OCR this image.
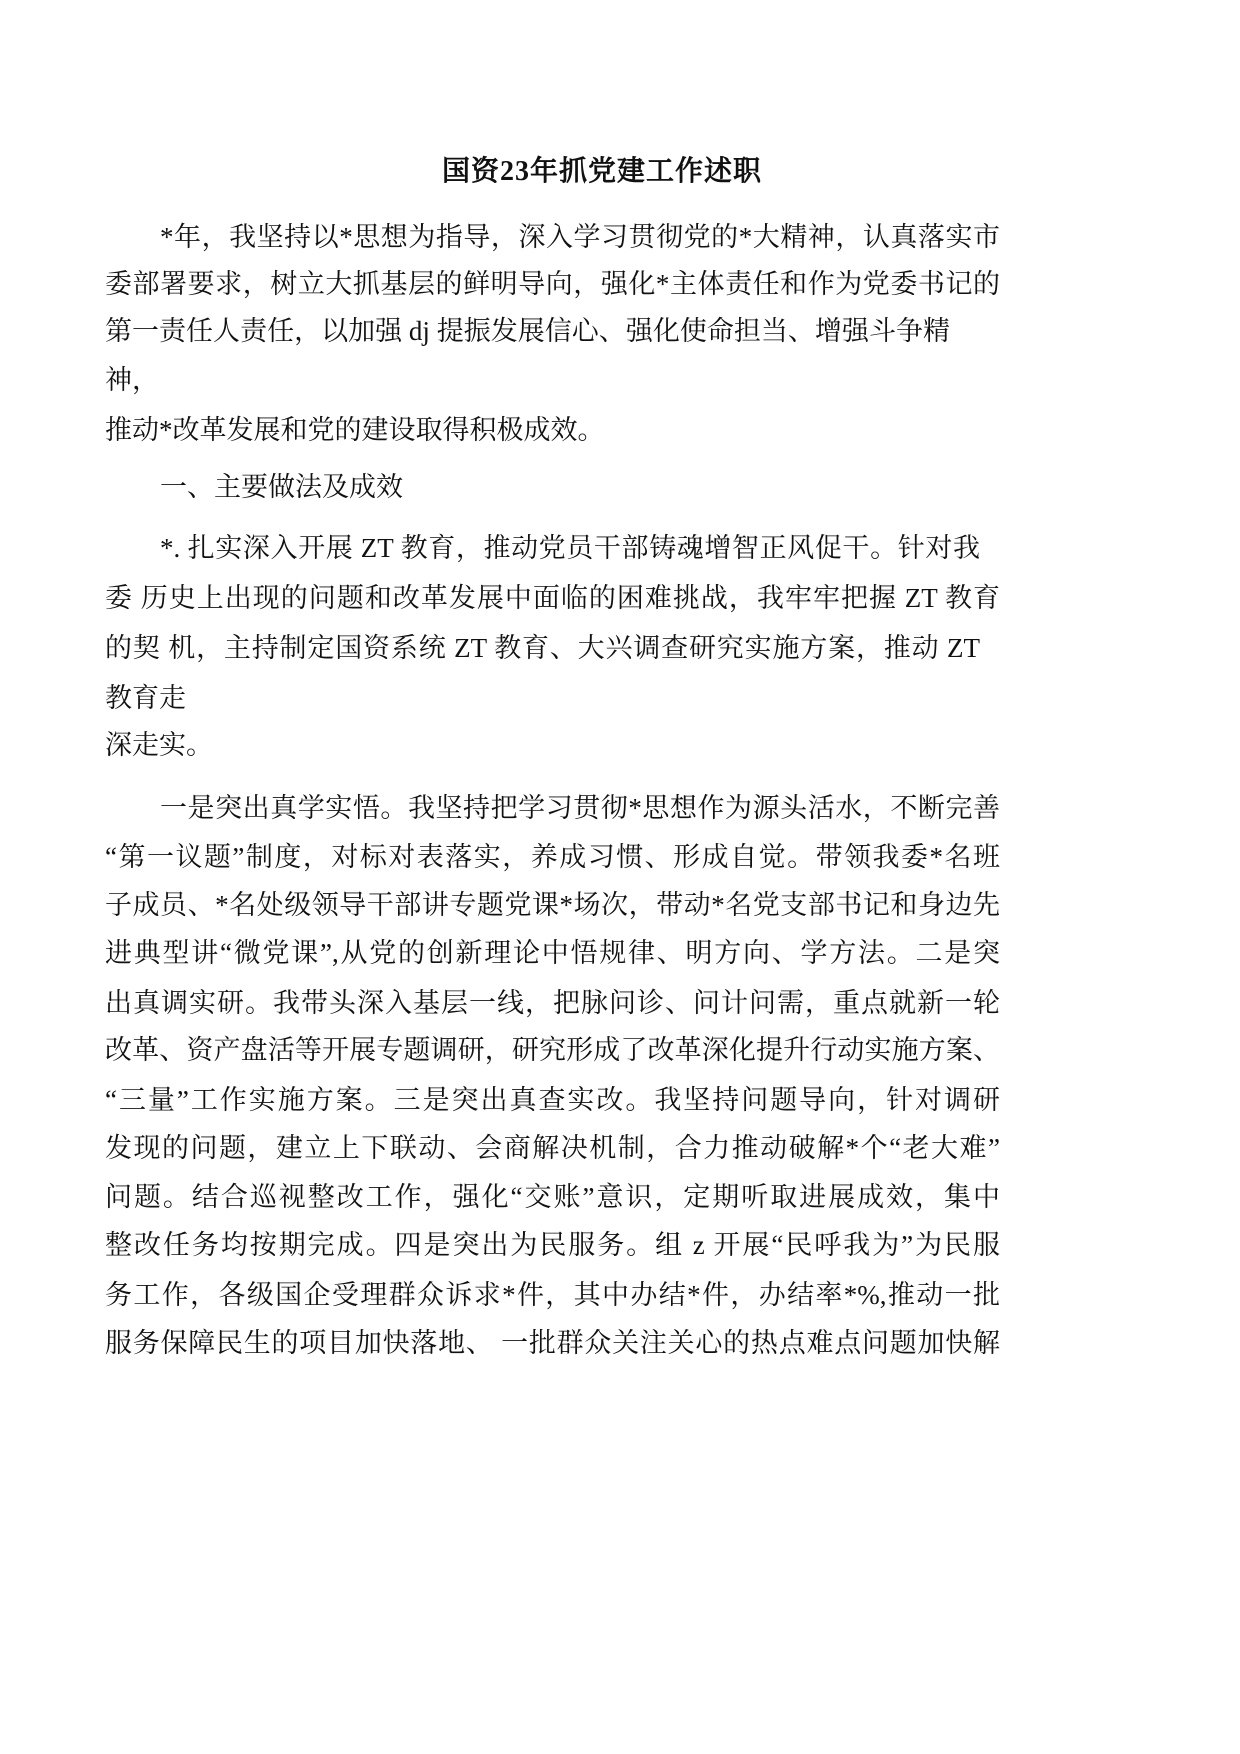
国资23年抓党建工作述职
*年，我坚持以*思想为指导，深入学习贯彻党的*大精神，认真落实市
委部署要求，树立大抓基层的鲜明导向，强化*主体责任和作为党委书记的
第一责任人责任，以加强 dj 提振发展信心、强化使命担当、增强斗争精
神，
推动*改革发展和党的建设取得积极成效。
一、主要做法及成效
*. 扎实深入开展 ZT 教育，推动党员干部铸魂增智正风促干。针对我
委 历史上出现的问题和改革发展中面临的困难挑战，我牢牢把握 ZT 教育
的契 机，主持制定国资系统 ZT 教育、大兴调查研究实施方案，推动 ZT
教育走
深走实。
一是突出真学实悟。我坚持把学习贯彻*思想作为源头活水，不断完善
“第一议题”制度，对标对表落实，养成习惯、形成自觉。带领我委*名班
子成员、*名处级领导干部讲专题党课*场次，带动*名党支部书记和身边先
进典型讲“微党课”,从党的创新理论中悟规律、明方向、学方法。二是突
出真调实研。我带头深入基层一线，把脉问诊、问计问需，重点就新一轮
改革、资产盘活等开展专题调研，研究形成了改革深化提升行动实施方案、
“三量”工作实施方案。三是突出真查实改。我坚持问题导向，针对调研
发现的问题，建立上下联动、会商解决机制，合力推动破解*个“老大难”
问题。结合巡视整改工作，强化“交账”意识，定期听取进展成效，集中
整改任务均按期完成。四是突出为民服务。组 z 开展“民呼我为”为民服
务工作，各级国企受理群众诉求*件，其中办结*件，办结率*%,推动一批
服务保障民生的项目加快落地、 一批群众关注关心的热点难点问题加快解
